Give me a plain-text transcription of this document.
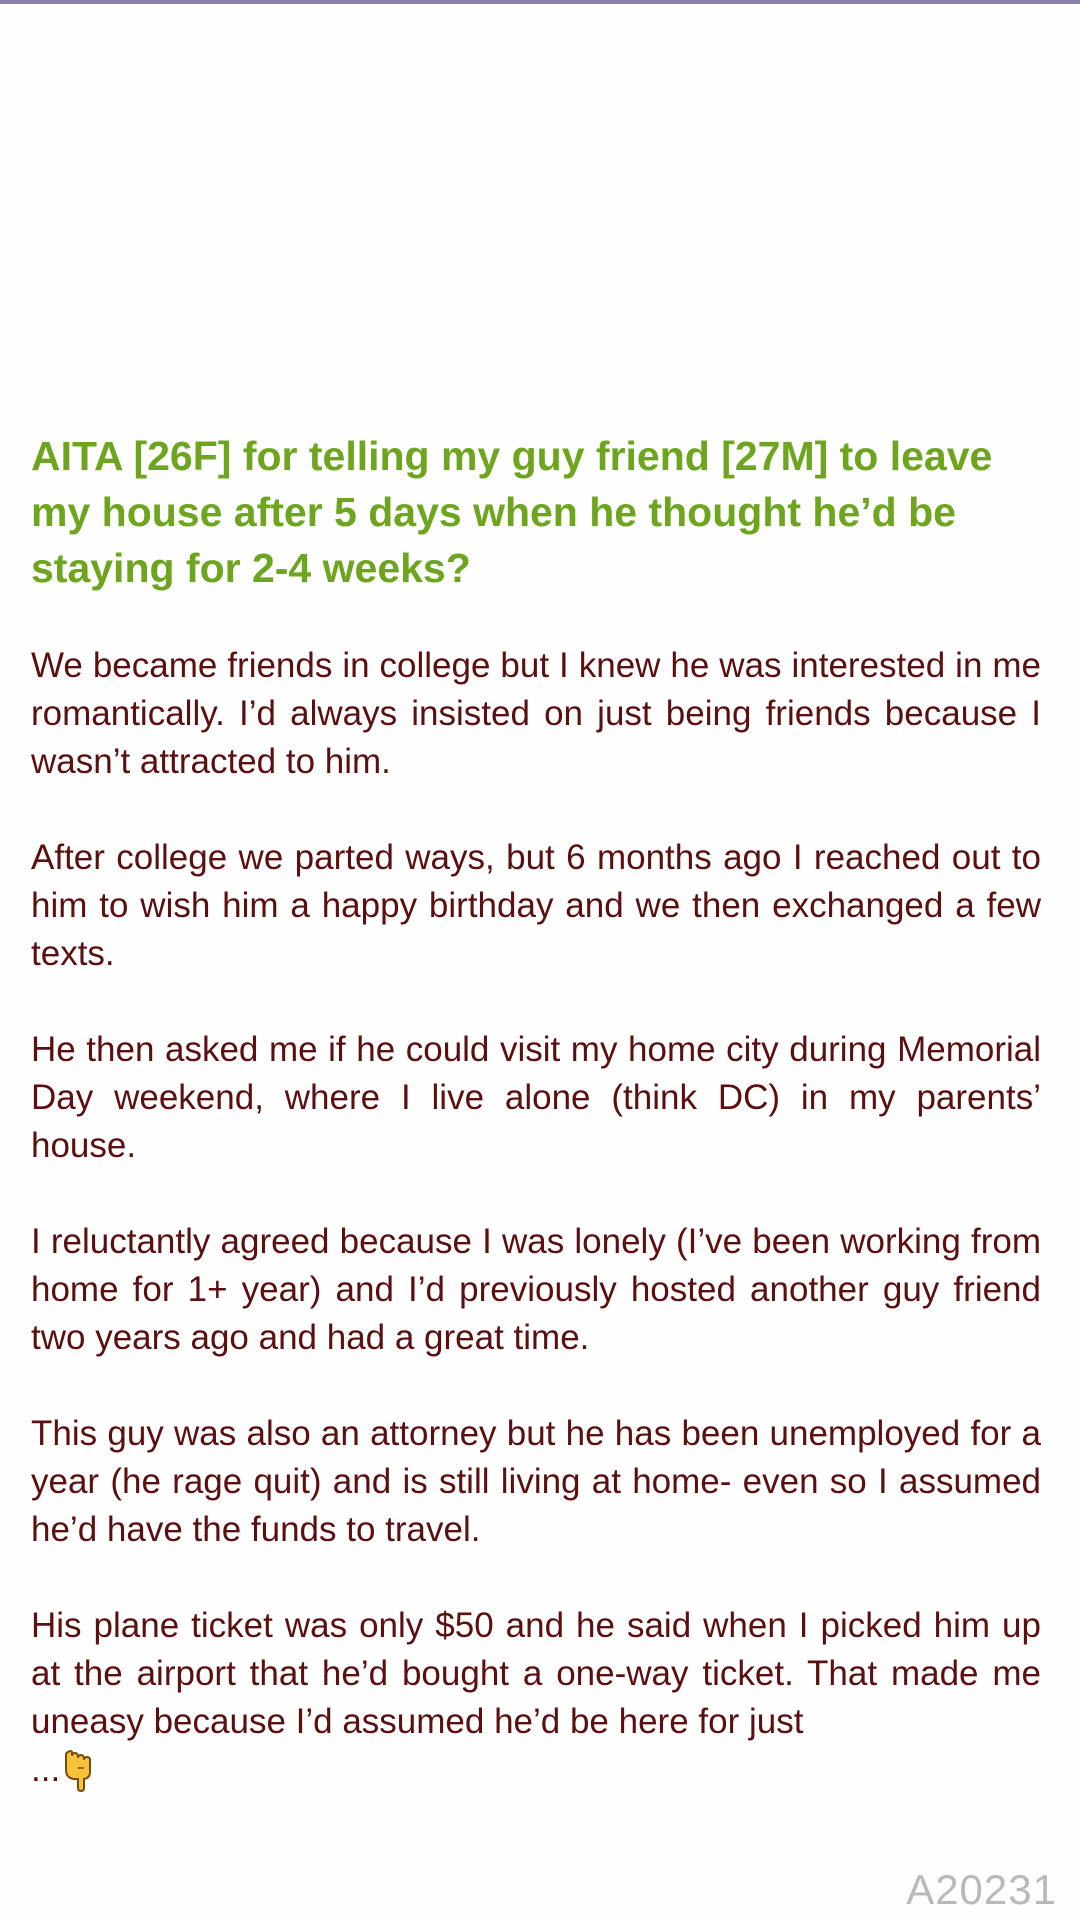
AITA [26F] for telling my guy friend [27M] to leave my house after 5 days when he thought he’d be staying for 2-4 weeks?

We became friends in college but I knew he was interested in me romantically. I’d always insisted on just being friends because I wasn’t attracted to him.

After college we parted ways, but 6 months ago I reached out to him to wish him a happy birthday and we then exchanged a few texts.

He then asked me if he could visit my home city during Memorial Day weekend, where I live alone (think DC) in my parents’ house.

I reluctantly agreed because I was lonely (I’ve been working from home for 1+ year) and I’d previously hosted another guy friend two years ago and had a great time.

This guy was also an attorney but he has been unemployed for a year (he rage quit) and is still living at home- even so I assumed he’d have the funds to travel.

His plane ticket was only $50 and he said when I picked him up at the airport that he’d bought a one-way ticket. That made me uneasy because I’d assumed he’d be here for just

...
A20231
